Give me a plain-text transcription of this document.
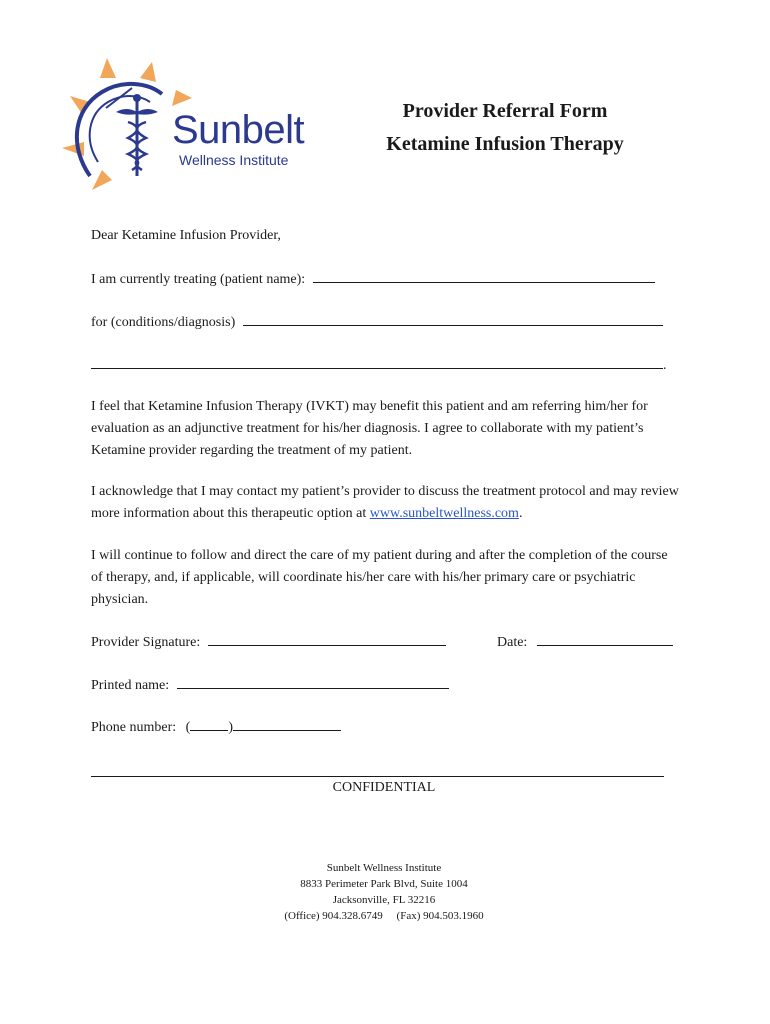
Sunbelt
Wellness Institute
Provider Referral Form
Ketamine Infusion Therapy
Dear Ketamine Infusion Provider,
I am currently treating (patient name):
for (conditions/diagnosis)
.
I feel that Ketamine Infusion Therapy (IVKT) may benefit this patient and am referring him/her for evaluation as an adjunctive treatment for his/her diagnosis. I agree to collaborate with my patient’s Ketamine provider regarding the treatment of my patient.
I acknowledge that I may contact my patient’s provider to discuss the treatment protocol and may review more information about this therapeutic option at www.sunbeltwellness.com.
I will continue to follow and direct the care of my patient during and after the completion of the course of therapy, and, if applicable, will coordinate his/her care with his/her primary care or psychiatric physician.
Provider Signature:	Date:
Printed name:
Phone number: (	)
CONFIDENTIAL
Sunbelt Wellness Institute
8833 Perimeter Park Blvd, Suite 1004
Jacksonville, FL 32216
(Office) 904.328.6749     (Fax) 904.503.1960
